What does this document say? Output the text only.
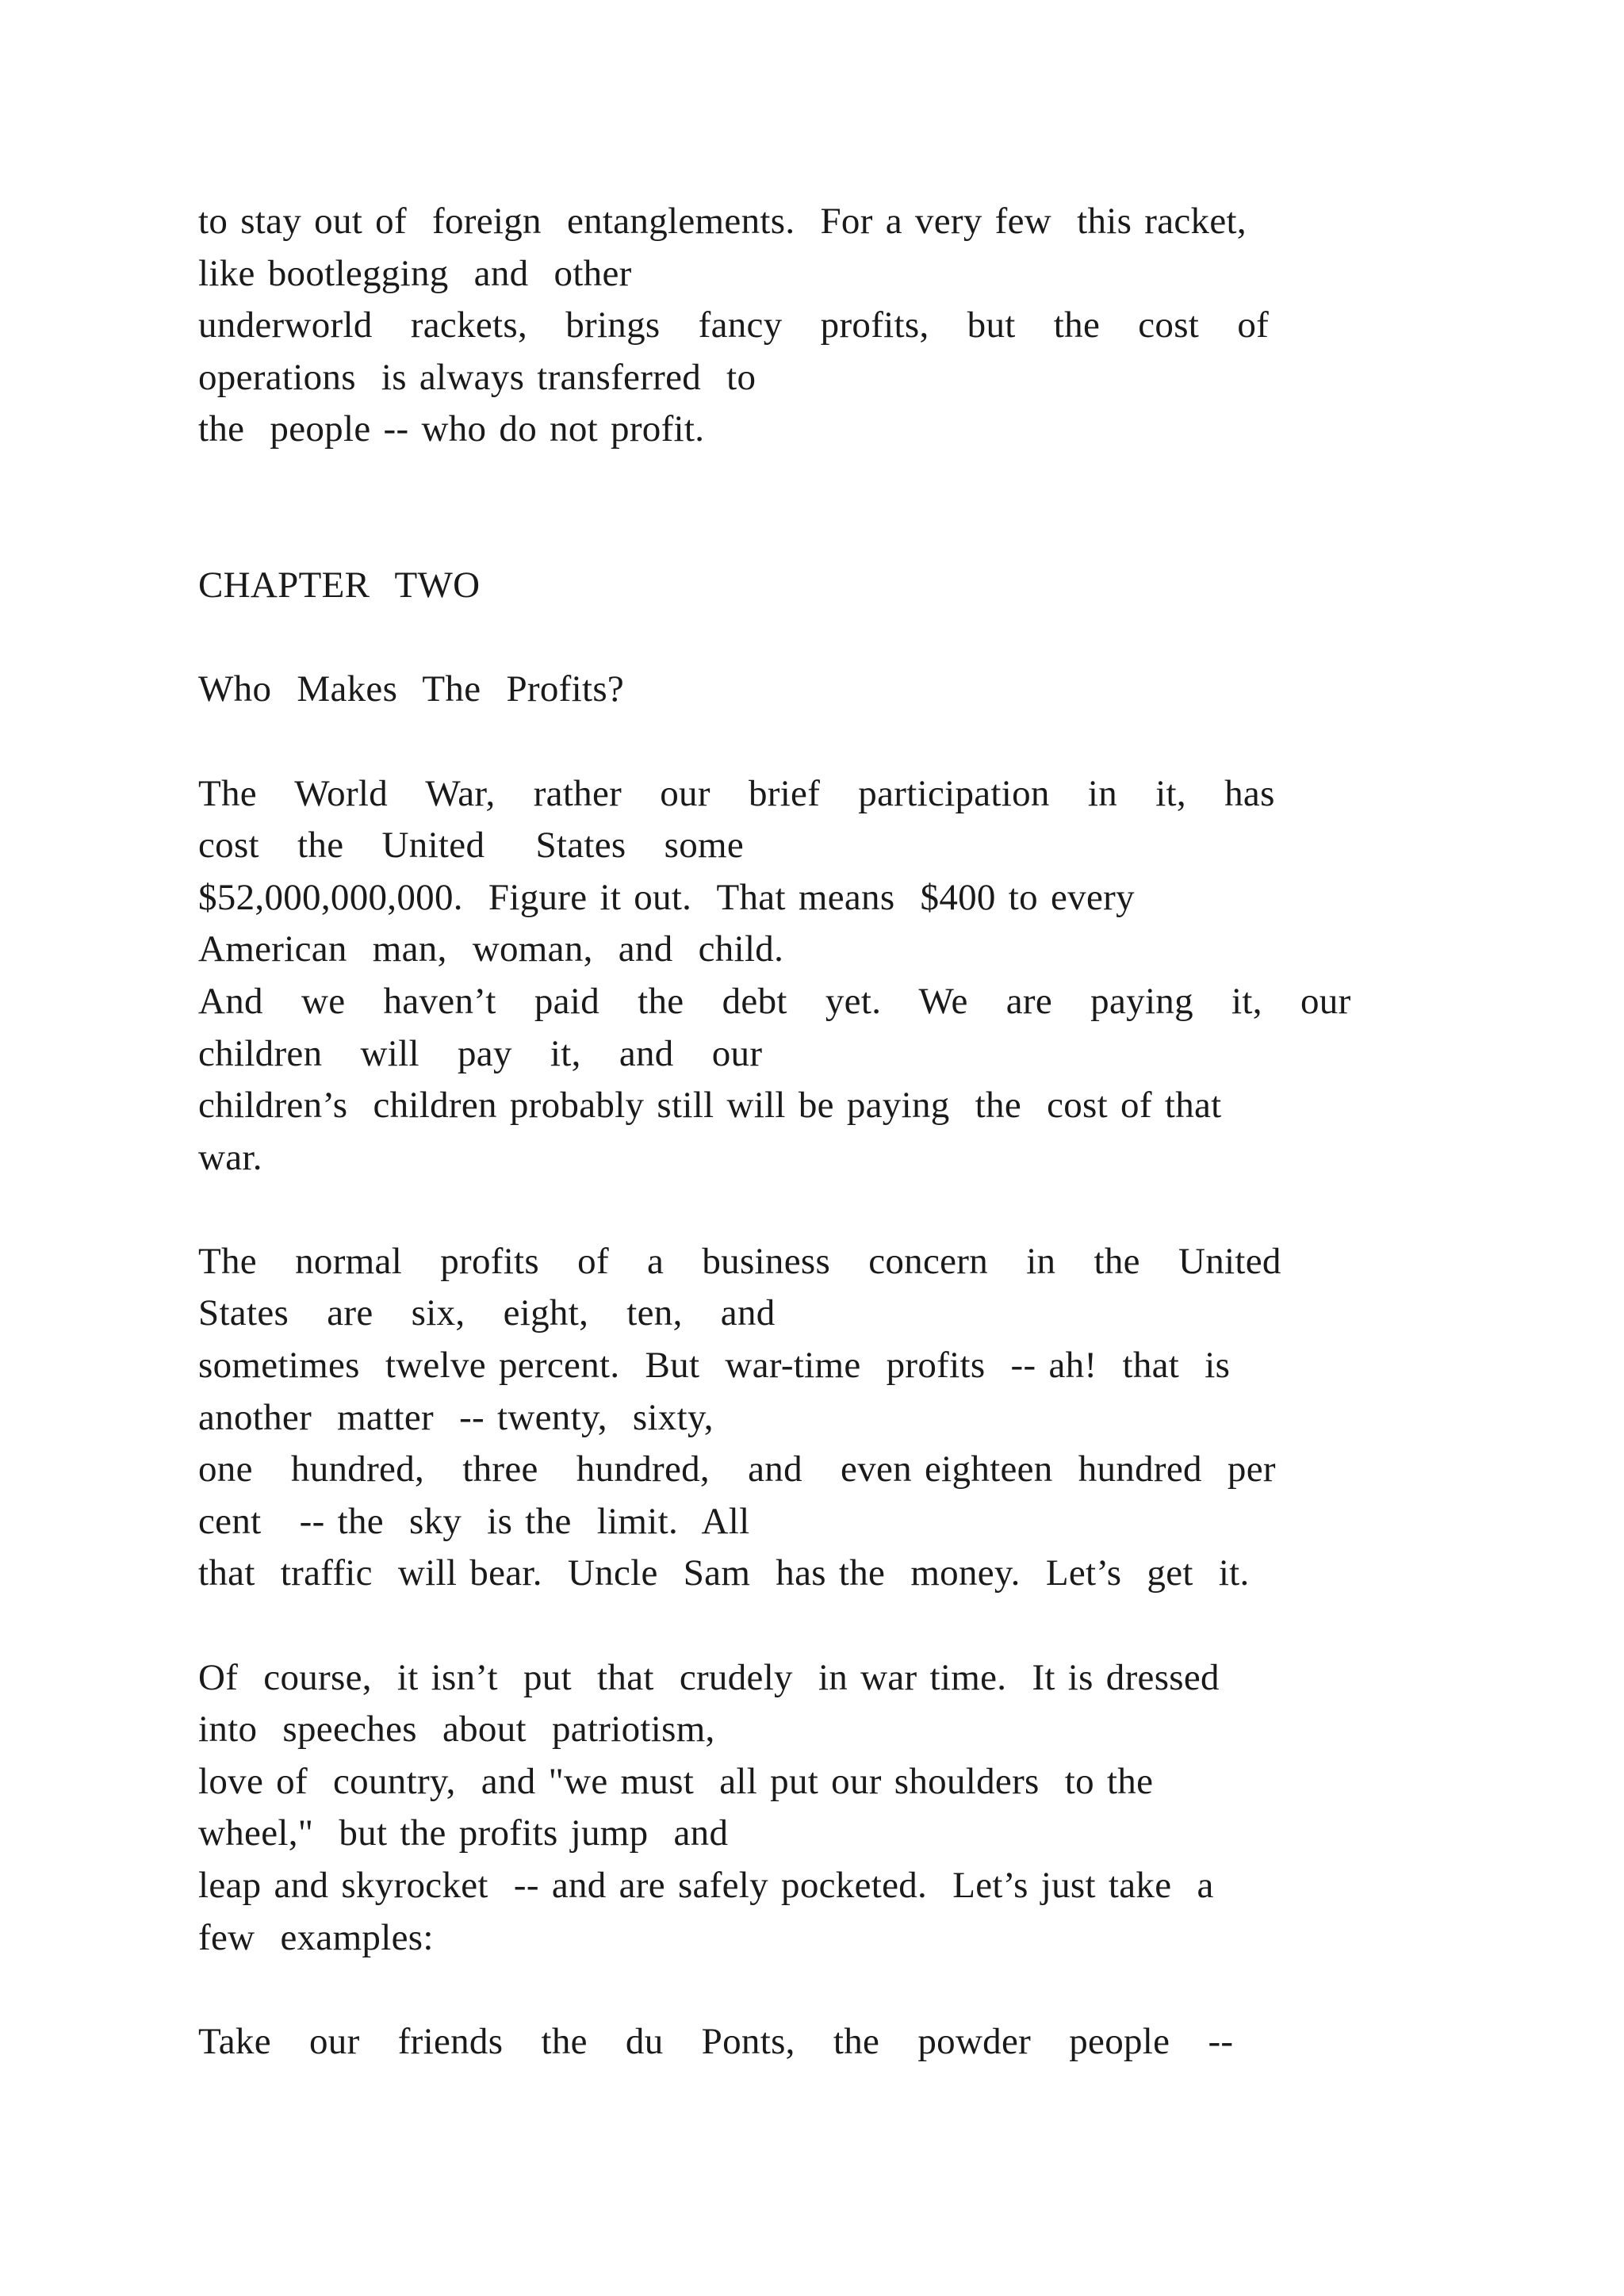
to stay out of  foreign  entanglements.  For a very few  this racket,
like bootlegging  and  other
underworld   rackets,   brings   fancy   profits,   but   the   cost   of
operations  is always transferred  to
the  people -- who do not profit.
CHAPTER  TWO
Who  Makes  The  Profits?
The   World   War,   rather   our   brief   participation   in   it,   has
cost   the   United    States   some
$52,000,000,000.  Figure it out.  That means  $400 to every
American  man,  woman,  and  child.
And   we   haven’t   paid   the   debt   yet.   We   are   paying   it,   our
children   will   pay   it,   and   our
children’s  children probably still will be paying  the  cost of that
war.
The   normal   profits   of   a   business   concern   in   the   United
States   are   six,   eight,   ten,   and
sometimes  twelve percent.  But  war-time  profits  -- ah!  that  is
another  matter  -- twenty,  sixty,
one   hundred,   three   hundred,   and   even eighteen  hundred  per
cent   -- the  sky  is the  limit.  All
that  traffic  will bear.  Uncle  Sam  has the  money.  Let’s  get  it.
Of  course,  it isn’t  put  that  crudely  in war time.  It is dressed
into  speeches  about  patriotism,
love of  country,  and "we must  all put our shoulders  to the
wheel,"  but the profits jump  and
leap and skyrocket  -- and are safely pocketed.  Let’s just take  a
few  examples:
Take   our   friends   the   du   Ponts,   the   powder   people   --
